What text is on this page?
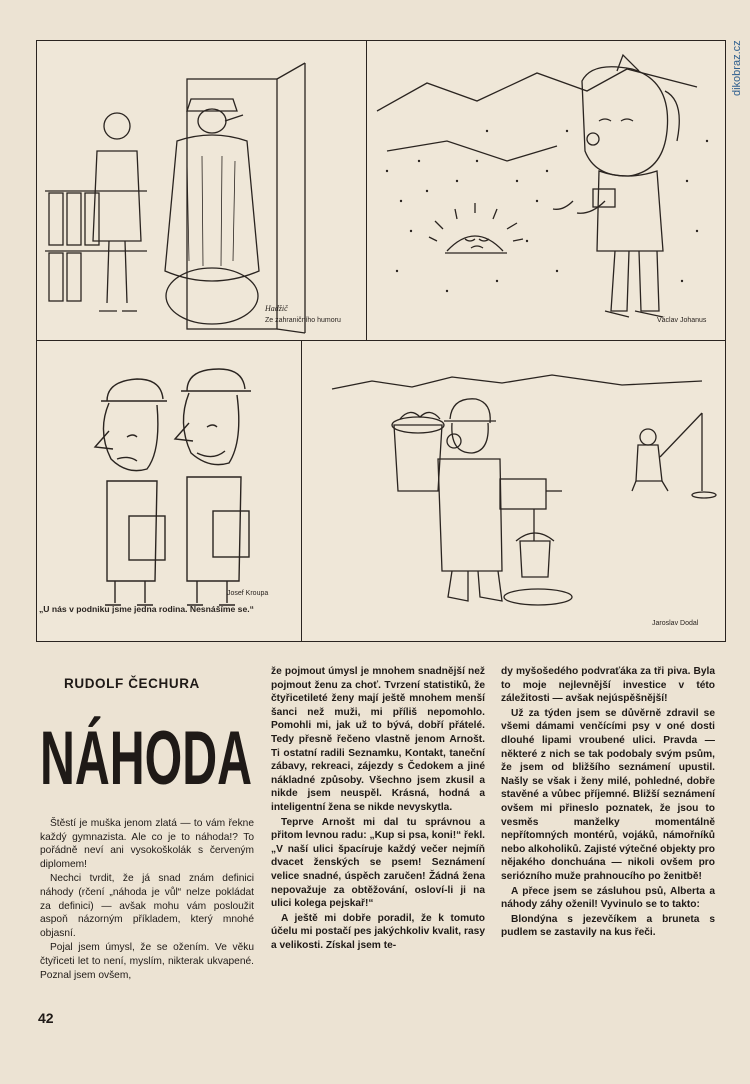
dikobraz.cz
Hadžič
Ze zahraničního humoru	Václav Johanus
Josef Kroupa
„U nás v podniku jsme jedna rodina. Nesnášíme se.“
Jaroslav Dodal
RUDOLF ČECHURA
NÁHODA

Štěstí je muška jenom zlatá — to vám řekne každý gymnazista. Ale co je to náhoda!? To pořádně neví ani vysokoškolák s červeným diplomem!

Nechci tvrdit, že já snad znám definici náhody (rčení „náhoda je vůl“ nelze pokládat za definici) — avšak mohu vám posloužit aspoň názorným příkladem, který mnohé objasní.

Pojal jsem úmysl, že se ožením. Ve věku čtyřiceti let to není, myslím, nikterak ukvapené. Poznal jsem ovšem,

že pojmout úmysl je mnohem snadnější než pojmout ženu za choť. Tvrzení statistiků, že čtyřicetileté ženy mají ještě mnohem menší šanci než muži, mi příliš nepomohlo. Pomohli mi, jak už to bývá, dobří přátelé. Tedy přesně řečeno vlastně jenom Arnošt. Ti ostatní radili Seznamku, Kontakt, taneční zábavy, rekreaci, zájezdy s Čedokem a jiné nákladné způsoby. Všechno jsem zkusil a nikde jsem neuspěl. Krásná, hodná a inteligentní žena se nikde nevyskytla.

Teprve Arnošt mi dal tu správnou a přitom levnou radu: „Kup si psa, koni!“ řekl. „V naší ulici špacíruje každý večer nejmíň dvacet ženských se psem! Seznámení velice snadné, úspěch zaručen! Žádná žena nepovažuje za obtěžování, osloví-li ji na ulici kolega pejskař!“

A ještě mi dobře poradil, že k tomuto účelu mi postačí pes jakýchkoliv kvalit, rasy a velikosti. Získal jsem te-

dy myšošedého podvraťáka za tři piva. Byla to moje nejlevnější investice v této záležitosti — avšak nejúspěšnější!

Už za týden jsem se důvěrně zdravil se všemi dámami venčícími psy v oné dosti dlouhé lipami vroubené ulici. Pravda — některé z nich se tak podobaly svým psům, že jsem od bližšího seznámení upustil. Našly se však i ženy milé, pohledné, dobře stavěné a vůbec příjemné. Bližší seznámení ovšem mi přineslo poznatek, že jsou to vesměs manželky momentálně nepřítomných montérů, vojáků, námořníků nebo alkoholiků. Zajisté výtečné objekty pro nějakého donchuána — nikoli ovšem pro seriózního muže prahnoucího po ženitbě!

A přece jsem se zásluhou psů, Alberta a náhody záhy oženil! Vyvinulo se to takto:

Blondýna s jezevčíkem a bruneta s pudlem se zastavily na kus řeči.

42
